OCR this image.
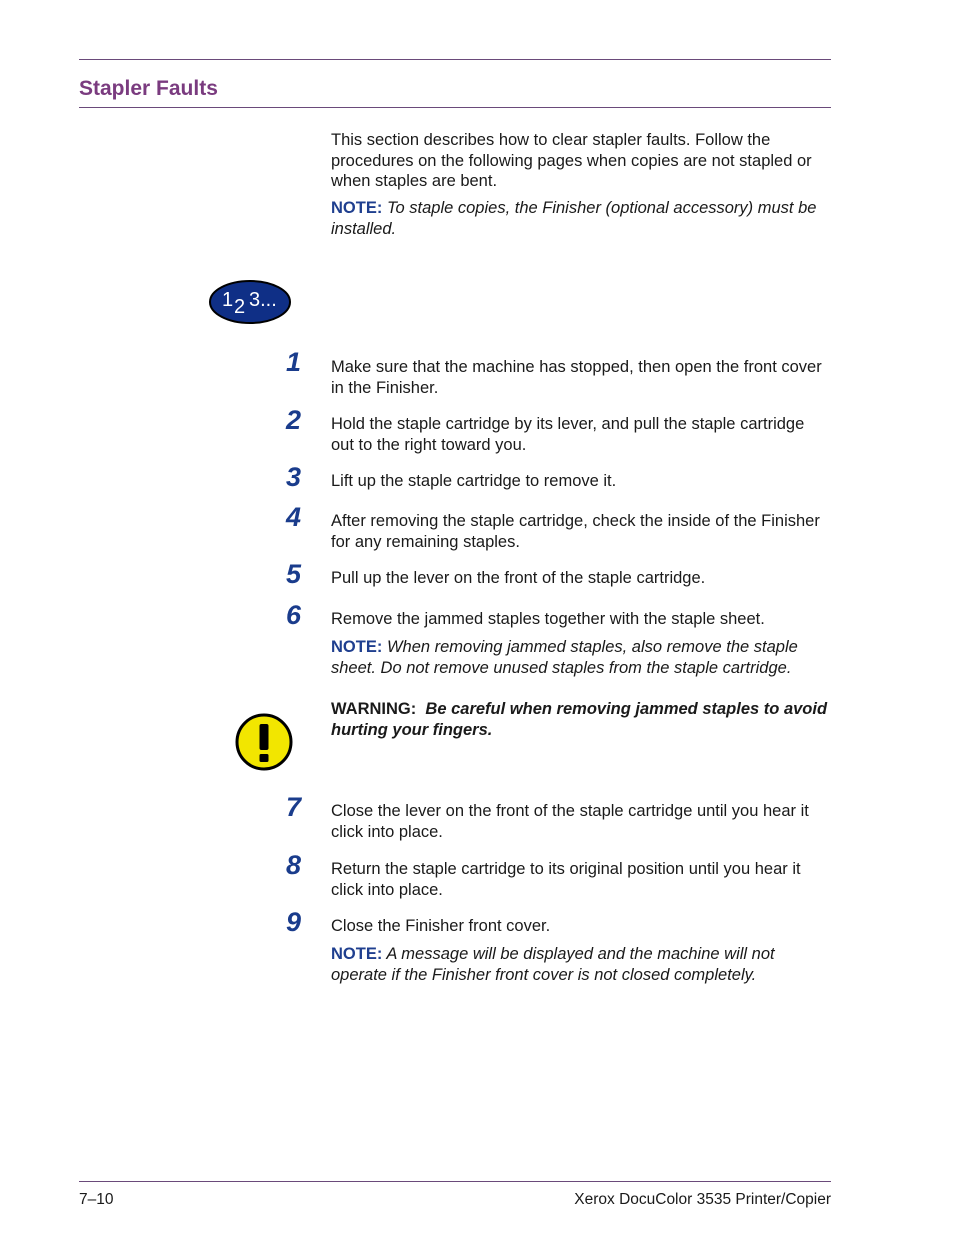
Stapler Faults
This section describes how to clear stapler faults. Follow the procedures on the following pages when copies are not stapled or when staples are bent.
NOTE: To staple copies, the Finisher (optional accessory) must be installed.
1 2 3...
1 Make sure that the machine has stopped, then open the front cover in the Finisher.
2 Hold the staple cartridge by its lever, and pull the staple cartridge out to the right toward you.
3 Lift up the staple cartridge to remove it.
4 After removing the staple cartridge, check the inside of the Finisher for any remaining staples.
5 Pull up the lever on the front of the staple cartridge.
6 Remove the jammed staples together with the staple sheet.
NOTE: When removing jammed staples, also remove the staple sheet. Do not remove unused staples from the staple cartridge.
WARNING: Be careful when removing jammed staples to avoid hurting your fingers.
7 Close the lever on the front of the staple cartridge until you hear it click into place.
8 Return the staple cartridge to its original position until you hear it click into place.
9 Close the Finisher front cover.
NOTE: A message will be displayed and the machine will not operate if the Finisher front cover is not closed completely.
7–10	Xerox DocuColor 3535 Printer/Copier
